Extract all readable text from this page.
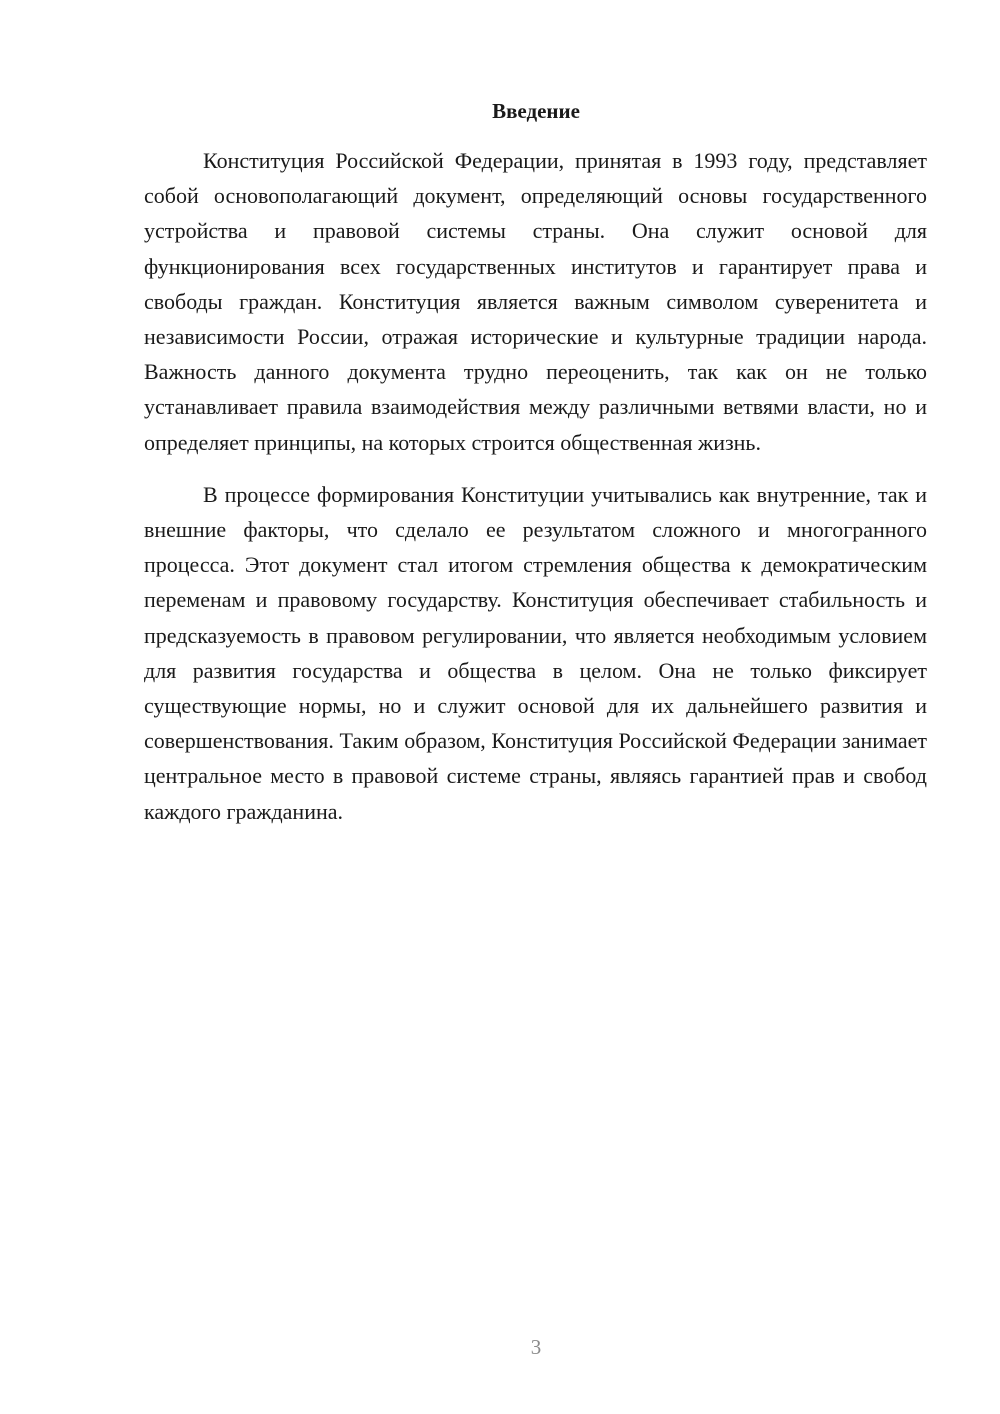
Введение

Конституция Российской Федерации, принятая в 1993 году, представляет собой основополагающий документ, определяющий основы государственного устройства и правовой системы страны. Она служит основой для функционирования всех государственных институтов и гарантирует права и свободы граждан. Конституция является важным символом суверенитета и независимости России, отражая исторические и культурные традиции народа. Важность данного документа трудно переоценить, так как он не только устанавливает правила взаимодействия между различными ветвями власти, но и определяет принципы, на которых строится общественная жизнь.

В процессе формирования Конституции учитывались как внутренние, так и внешние факторы, что сделало ее результатом сложного и многогранного процесса. Этот документ стал итогом стремления общества к демократическим переменам и правовому государству. Конституция обеспечивает стабильность и предсказуемость в правовом регулировании, что является необходимым условием для развития государства и общества в целом. Она не только фиксирует существующие нормы, но и служит основой для их дальнейшего развития и совершенствования. Таким образом, Конституция Российской Федерации занимает центральное место в правовой системе страны, являясь гарантией прав и свобод каждого гражданина.

3
